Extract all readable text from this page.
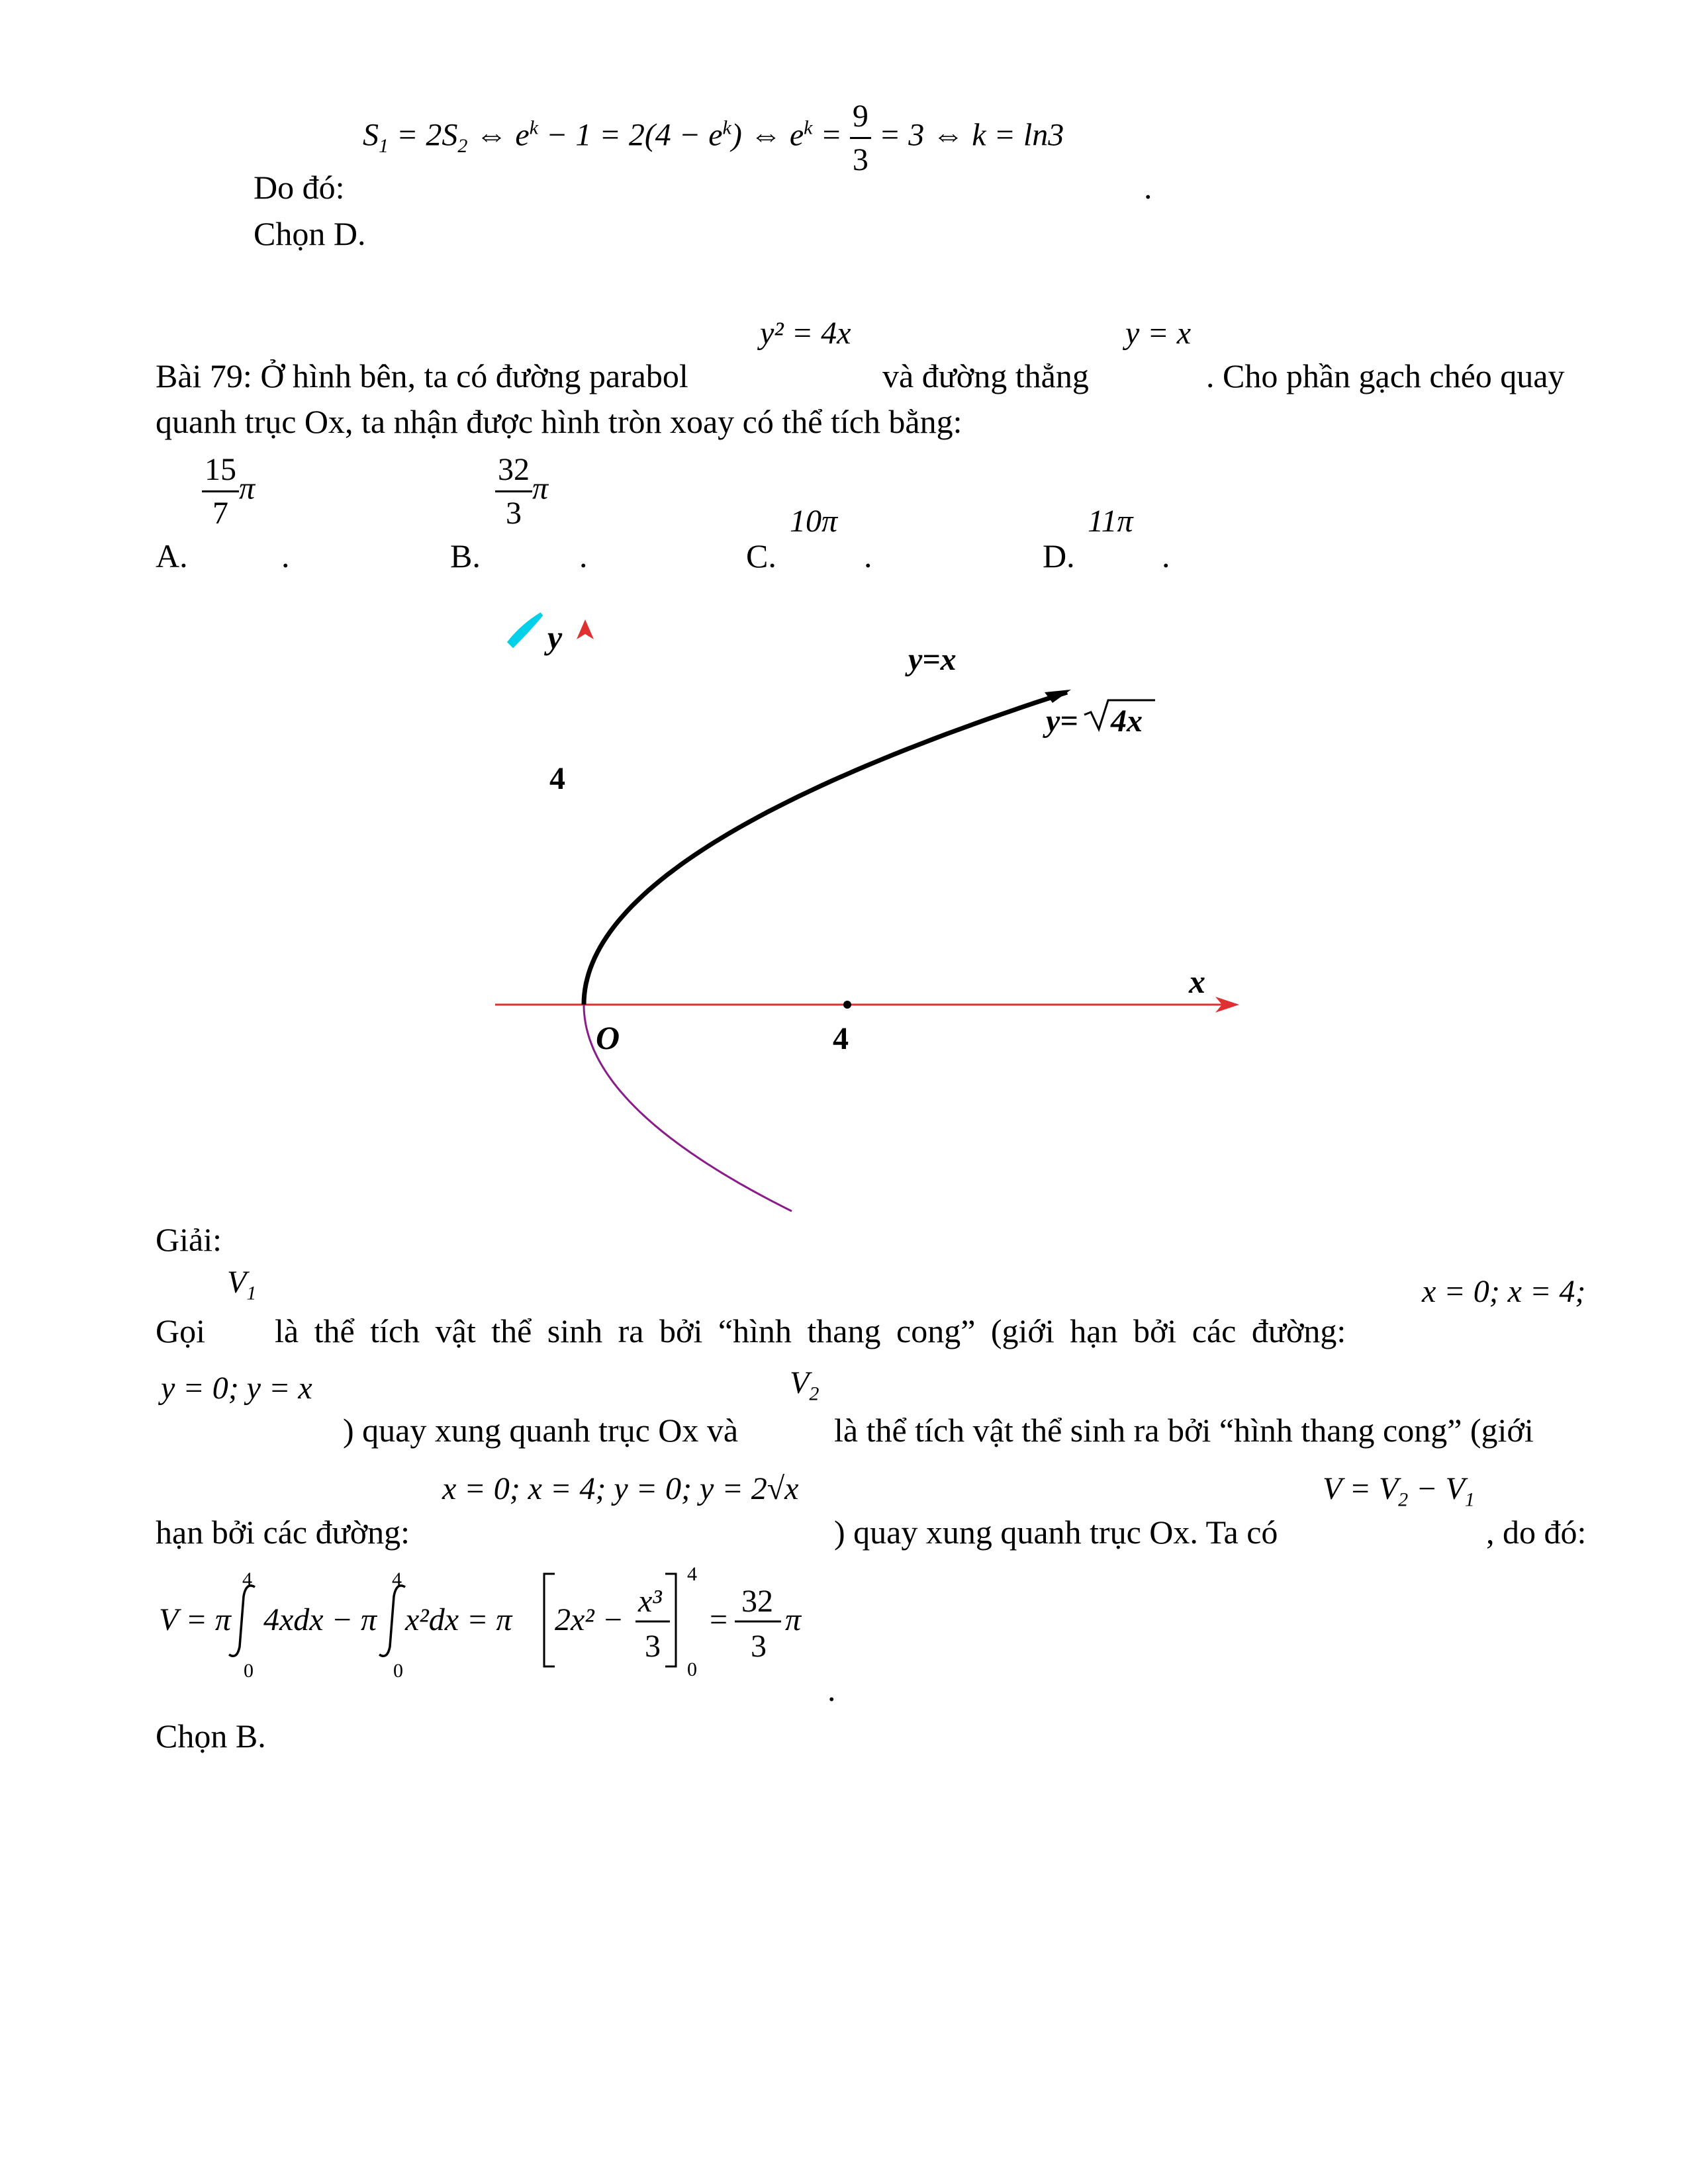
$S_1 = 2S_2$ ⇔ $e^k - 1 = 2(4 - e^k)$ ⇔ $e^k = \frac{9}{3} = 3$ ⇔ k = ln3
Do đó:	.
Chọn D.
y² = 4x	y = x
Bài 79: Ở hình bên, ta có đường parabol	và đường thẳng	. Cho phần gạch chéo quay
quanh trục Ox, ta nhận được hình tròn xoay có thể tích bằng:
$\frac{15}{7}$ π
A.	.
$\frac{32}{3}$ π
B.	.
10π
C.	.
11π
D.	.
y
y=x
y= 4x
4
x
O	4
Giải:
$V_1$	x = 0; x = 4;
Gọi là thể tích vật thể sinh ra bởi “hình thang cong” (giới hạn bởi các đường:
y = 0; y = x	$V_2$
) quay xung quanh trục Ox và	là thể tích vật thể sinh ra bởi “hình thang cong” (giới
x = 0; x = 4; y = 0; y = 2√x	$V = V_2 - V_1$
hạn bởi các đường:	) quay xung quanh trục Ox. Ta có	, do đó:
V = π
4
0
4xdx − π
4
0
x²dx = π 2x² −
x³
3
4
0
=
32
3
π
.
Chọn B.
